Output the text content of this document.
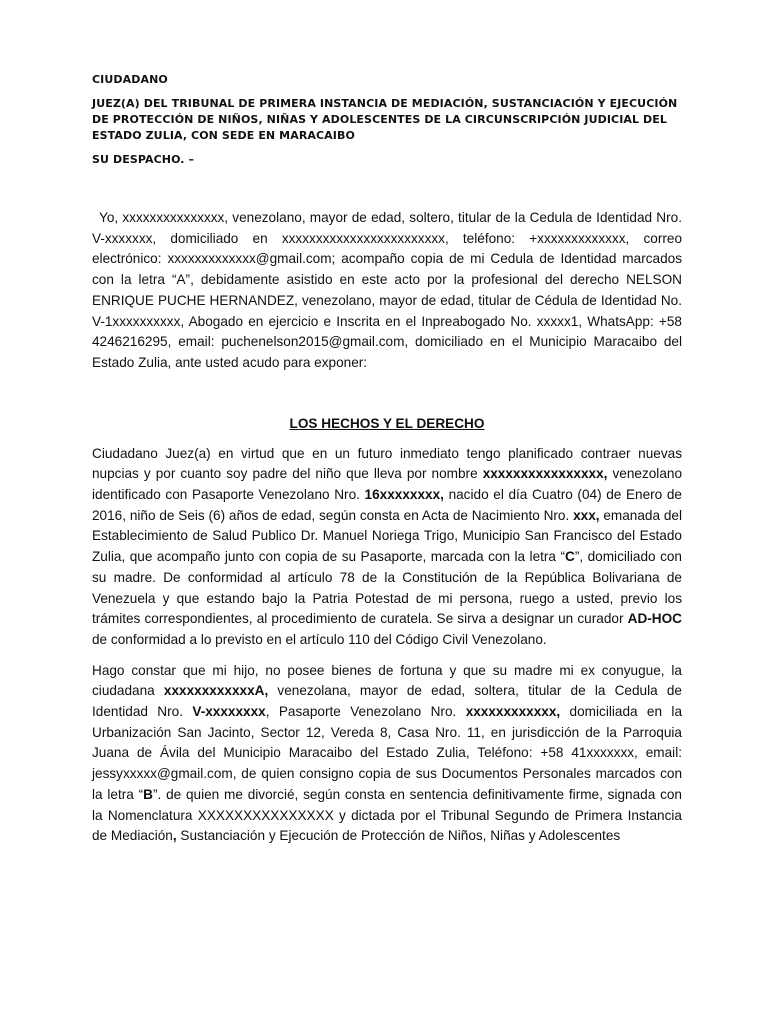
CIUDADANO

JUEZ(A) DEL TRIBUNAL DE PRIMERA INSTANCIA DE MEDIACIÓN, SUSTANCIACIÓN Y EJECUCIÓN DE PROTECCIÓN DE NIÑOS, NIÑAS Y ADOLESCENTES DE LA CIRCUNSCRIPCIÓN JUDICIAL DEL ESTADO ZULIA, CON SEDE EN MARACAIBO

SU DESPACHO. –

Yo, xxxxxxxxxxxxxxx, venezolano, mayor de edad, soltero, titular de la Cedula de Identidad Nro. V-xxxxxxx, domiciliado en xxxxxxxxxxxxxxxxxxxxxxxx, teléfono: +xxxxxxxxxxxxx, correo electrónico: xxxxxxxxxxxxx@gmail.com; acompaño copia de mi Cedula de Identidad marcados con la letra “A”, debidamente asistido en este acto por la profesional del derecho NELSON ENRIQUE PUCHE HERNANDEZ, venezolano, mayor de edad, titular de Cédula de Identidad No. V-1xxxxxxxxxx, Abogado en ejercicio e Inscrita en el Inpreabogado No. xxxxx1, WhatsApp: +58 4246216295, email: puchenelson2015@gmail.com, domiciliado en el Municipio Maracaibo del Estado Zulia, ante usted acudo para exponer:

LOS HECHOS Y EL DERECHO

Ciudadano Juez(a) en virtud que en un futuro inmediato tengo planificado contraer nuevas nupcias y por cuanto soy padre del niño que lleva por nombre xxxxxxxxxxxxxxxx, venezolano identificado con Pasaporte Venezolano Nro. 16xxxxxxxx, nacido el día Cuatro (04) de Enero de 2016, niño de Seis (6) años de edad, según consta en Acta de Nacimiento Nro. xxx, emanada del Establecimiento de Salud Publico Dr. Manuel Noriega Trigo, Municipio San Francisco del Estado Zulia, que acompaño junto con copia de su Pasaporte, marcada con la letra “C”, domiciliado con su madre. De conformidad al artículo 78 de la Constitución de la República Bolivariana de Venezuela y que estando bajo la Patria Potestad de mi persona, ruego a usted, previo los trámites correspondientes, al procedimiento de curatela. Se sirva a designar un curador AD-HOC de conformidad a lo previsto en el artículo 110 del Código Civil Venezolano.

Hago constar que mi hijo, no posee bienes de fortuna y que su madre mi ex conyugue, la ciudadana xxxxxxxxxxxxA, venezolana, mayor de edad, soltera, titular de la Cedula de Identidad Nro. V-xxxxxxxx, Pasaporte Venezolano Nro. xxxxxxxxxxxx, domiciliada en la Urbanización San Jacinto, Sector 12, Vereda 8, Casa Nro. 11, en jurisdicción de la Parroquia Juana de Ávila del Municipio Maracaibo del Estado Zulia, Teléfono: +58 41xxxxxxx, email: jessyxxxxx@gmail.com, de quien consigno copia de sus Documentos Personales marcados con la letra “B”. de quien me divorcié, según consta en sentencia definitivamente firme, signada con la Nomenclatura XXXXXXXXXXXXXXX y dictada por el Tribunal Segundo de Primera Instancia de Mediación, Sustanciación y Ejecución de Protección de Niños, Niñas y Adolescentes
